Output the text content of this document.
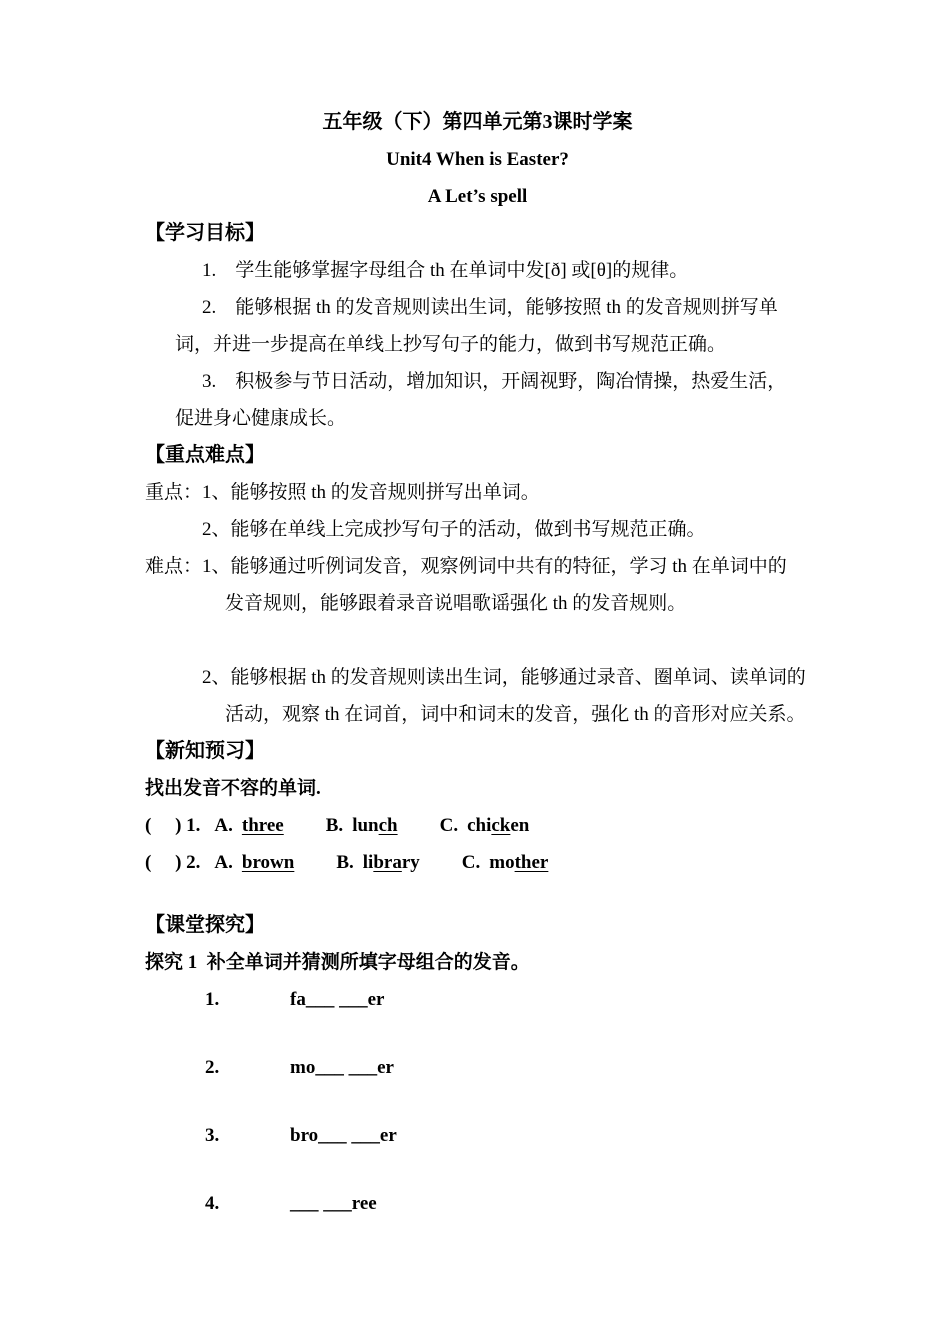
五年级（下）第四单元第3课时学案
Unit4 When is Easter?
A Let’s spell
【学习目标】
1.    学生能够掌握字母组合 th 在单词中发[ð] 或[θ]的规律。
2.    能够根据 th 的发音规则读出生词，能够按照 th 的发音规则拼写单
词，并进一步提高在单线上抄写句子的能力，做到书写规范正确。
3.    积极参与节日活动，增加知识，开阔视野，陶冶情操，热爱生活，
促进身心健康成长。
【重点难点】
重点：1、能够按照 th 的发音规则拼写出单词。
2、能够在单线上完成抄写句子的活动，做到书写规范正确。
难点：1、能够通过听例词发音，观察例词中共有的特征，学习 th 在单词中的
发音规则，能够跟着录音说唱歌谣强化 th 的发音规则。
2、能够根据 th 的发音规则读出生词，能够通过录音、圈单词、读单词的
活动，观察 th 在词首，词中和词末的发音，强化 th 的音形对应关系。
【新知预习】
找出发音不容的单词.
(     ) 1. A. three B. lunch C. chicken
(     ) 2. A. brown B. library C. mother
【课堂探究】
探究 1  补全单词并猜测所填字母组合的发音。
1.	fa___ ___er
2.	mo___ ___er
3.	bro___ ___er
4.	___ ___ree
